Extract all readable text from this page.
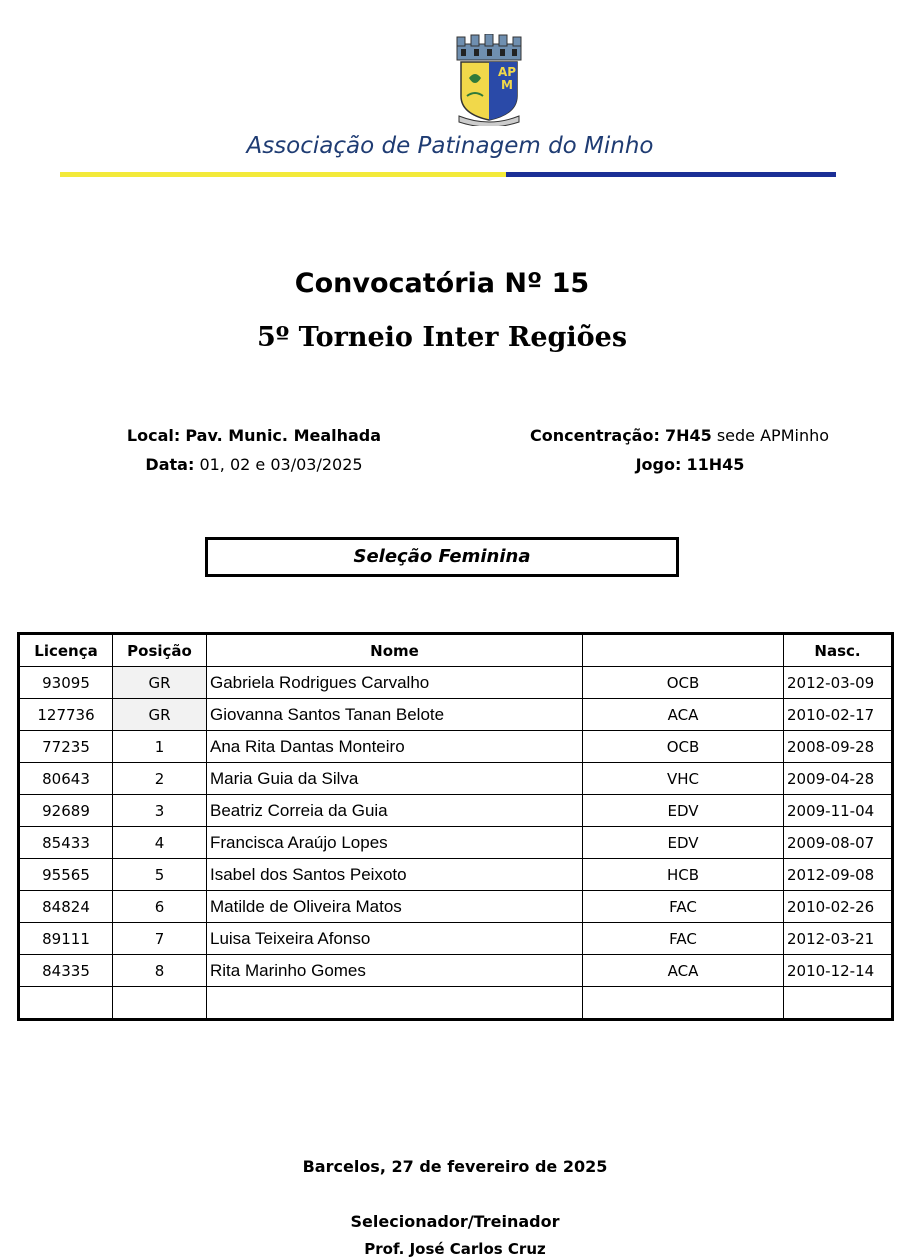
APM
Associação de Patinagem do Minho
Convocatória Nº 15
5º Torneio Inter Regiões
Local: Pav. Munic. Mealhada
Data: 01, 02 e 03/03/2025
Concentração: 7H45 sede APMinho
Jogo: 11H45
Seleção Feminina
Licença	Posição	Nome		Nasc.
93095	GR	Gabriela Rodrigues Carvalho	OCB	2012-03-09
127736	GR	Giovanna Santos Tanan Belote	ACA	2010-02-17
77235	1	Ana Rita Dantas Monteiro	OCB	2008-09-28
80643	2	Maria Guia da Silva	VHC	2009-04-28
92689	3	Beatriz Correia da Guia	EDV	2009-11-04
85433	4	Francisca Araújo Lopes	EDV	2009-08-07
95565	5	Isabel dos Santos Peixoto	HCB	2012-09-08
84824	6	Matilde de Oliveira Matos	FAC	2010-02-26
89111	7	Luisa Teixeira Afonso	FAC	2012-03-21
84335	8	Rita Marinho Gomes	ACA	2010-12-14

Barcelos, 27 de fevereiro de 2025
Selecionador/Treinador
Prof. José Carlos Cruz
